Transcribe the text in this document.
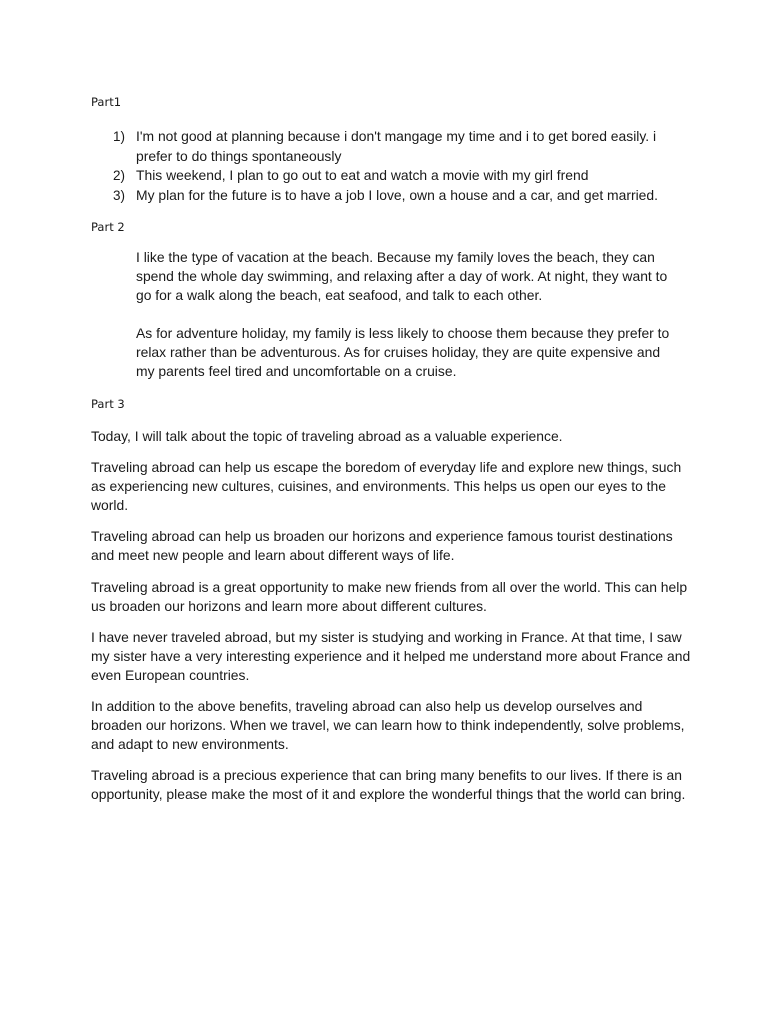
Part1

1) I'm not good at planning because i don't mangage my time and i to get bored easily. i prefer to do things spontaneously
2) This weekend, I plan to go out to eat and watch a movie with my girl frend
3) My plan for the future is to have a job I love, own a house and a car, and get married.

Part 2

I like the type of vacation at the beach. Because my family loves the beach, they can spend the whole day swimming, and relaxing after a day of work. At night, they want to go for a walk along the beach, eat seafood, and talk to each other.

As for adventure holiday, my family is less likely to choose them because they prefer to relax rather than be adventurous. As for cruises holiday, they are quite expensive and my parents feel tired and uncomfortable on a cruise.

Part 3

Today, I will talk about the topic of traveling abroad as a valuable experience.

Traveling abroad can help us escape the boredom of everyday life and explore new things, such as experiencing new cultures, cuisines, and environments. This helps us open our eyes to the world.

Traveling abroad can help us broaden our horizons and experience famous tourist destinations and meet new people and learn about different ways of life.

Traveling abroad is a great opportunity to make new friends from all over the world. This can help us broaden our horizons and learn more about different cultures.

I have never traveled abroad, but my sister is studying and working in France. At that time, I saw my sister have a very interesting experience and it helped me understand more about France and even European countries.

In addition to the above benefits, traveling abroad can also help us develop ourselves and broaden our horizons. When we travel, we can learn how to think independently, solve problems, and adapt to new environments.

Traveling abroad is a precious experience that can bring many benefits to our lives. If there is an opportunity, please make the most of it and explore the wonderful things that the world can bring.
